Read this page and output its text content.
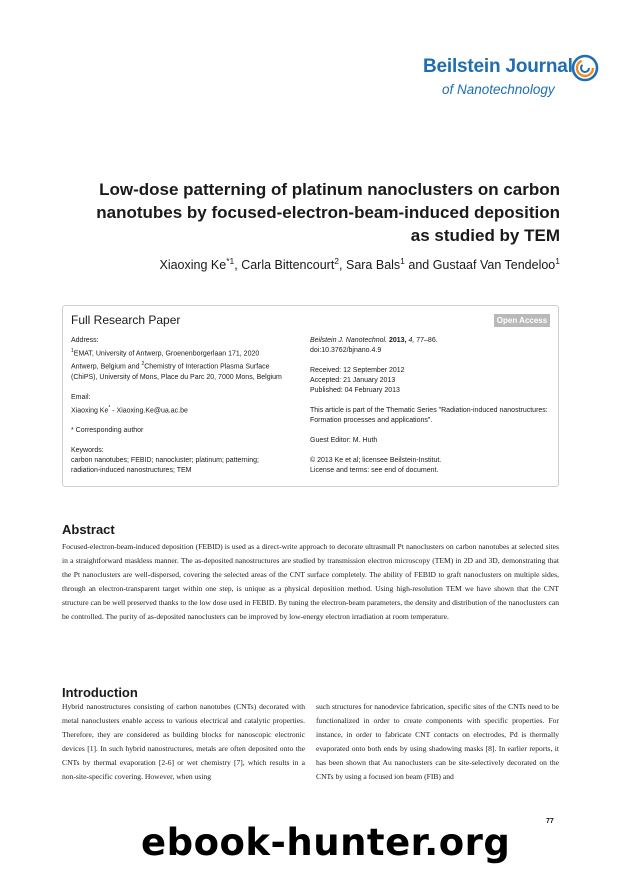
Beilstein Journal
of Nanotechnology
Low-dose patterning of platinum nanoclusters on carbon nanotubes by focused-electron-beam-induced deposition as studied by TEM
Xiaoxing Ke$^{*1}$, Carla Bittencourt$^2$, Sara Bals$^1$ and Gustaaf Van Tendeloo$^1$
Full Research Paper	Open Access
Address:
$^1$EMAT, University of Antwerp, Groenenborgerlaan 171, 2020 Antwerp, Belgium and $^2$Chemistry of Interaction Plasma Surface (ChiPS), University of Mons, Place du Parc 20, 7000 Mons, Belgium
Email:
Xiaoxing Ke* - Xiaoxing.Ke@ua.ac.be
* Corresponding author
Keywords:
carbon nanotubes; FEBID; nanocluster; platinum; patterning; radiation-induced nanostructures; TEM
Beilstein J. Nanotechnol. 2013, 4, 77–86.
doi:10.3762/bjnano.4.9
Received: 12 September 2012
Accepted: 21 January 2013
Published: 04 February 2013
This article is part of the Thematic Series "Radiation-induced nanostructures: Formation processes and applications".
Guest Editor: M. Huth
© 2013 Ke et al; licensee Beilstein-Institut.
License and terms: see end of document.
Abstract

Focused-electron-beam-induced deposition (FEBID) is used as a direct-write approach to decorate ultrasmall Pt nanoclusters on carbon nanotubes at selected sites in a straightforward maskless manner. The as-deposited nanostructures are studied by transmission electron microscopy (TEM) in 2D and 3D, demonstrating that the Pt nanoclusters are well-dispersed, covering the selected areas of the CNT surface completely. The ability of FEBID to graft nanoclusters on multiple sides, through an electron-transparent target within one step, is unique as a physical deposition method. Using high-resolution TEM we have shown that the CNT structure can be well preserved thanks to the low dose used in FEBID. By tuning the electron-beam parameters, the density and distribution of the nanoclusters can be controlled. The purity of as-deposited nanoclusters can be improved by low-energy electron irradiation at room temperature.

Introduction

Hybrid nanostructures consisting of carbon nanotubes (CNTs) decorated with metal nanoclusters enable access to various electrical and catalytic properties. Therefore, they are considered as building blocks for nanoscopic electronic devices [1]. In such hybrid nanostructures, metals are often deposited onto the CNTs by thermal evaporation [2-6] or wet chemistry [7], which results in a non-site-specific covering. However, when using

such structures for nanodevice fabrication, specific sites of the CNTs need to be functionalized in order to create components with specific properties. For instance, in order to fabricate CNT contacts on electrodes, Pd is thermally evaporated onto both ends by using shadowing masks [8]. In earlier reports, it has been shown that Au nanoclusters can be site-selectively decorated on the CNTs by using a focused ion beam (FIB) and

77
ebook-hunter.org
